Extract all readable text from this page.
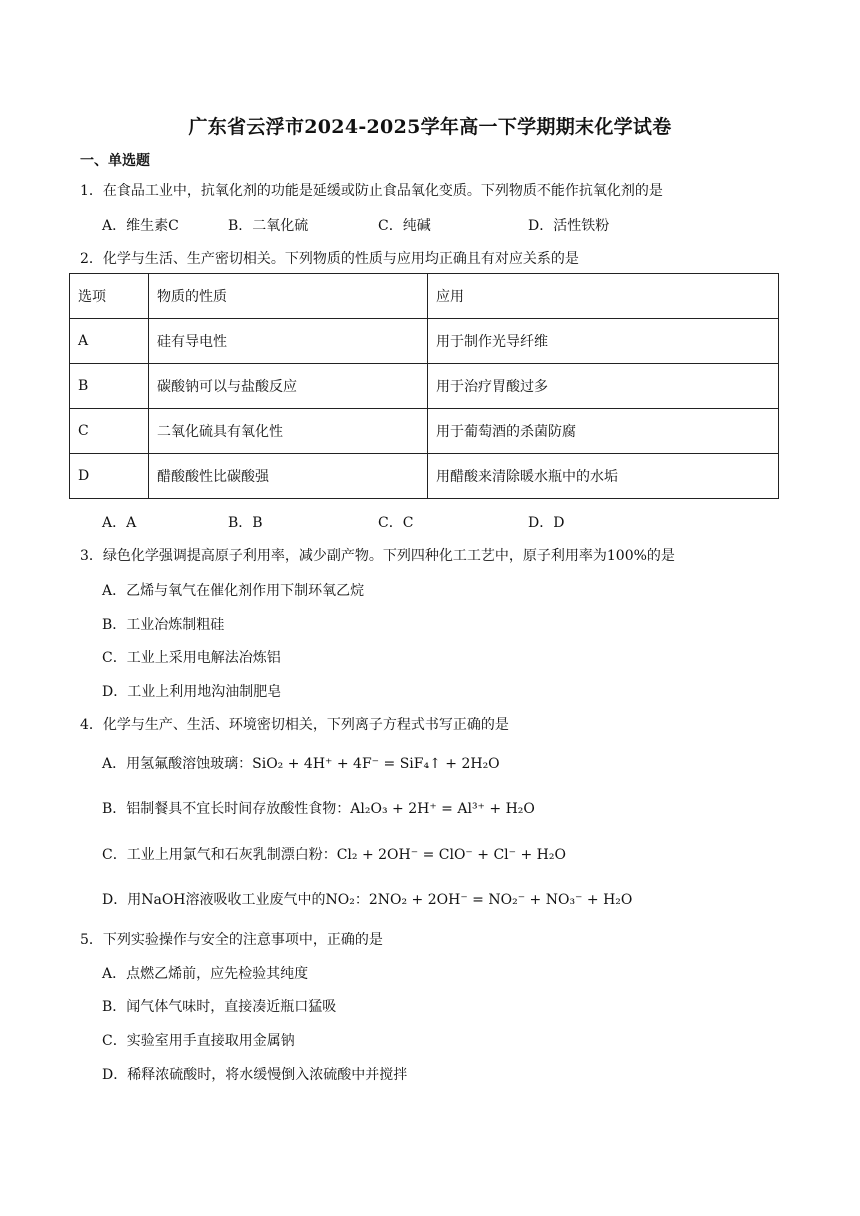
广东省云浮市2024-2025学年高一下学期期末化学试卷
一、单选题
1．在食品工业中，抗氧化剂的功能是延缓或防止食品氧化变质。下列物质不能作抗氧化剂的是
A．维生素C	B．二氧化硫	C．纯碱	D．活性铁粉
2．化学与生活、生产密切相关。下列物质的性质与应用均正确且有对应关系的是
选项	物质的性质	应用
A	硅有导电性	用于制作光导纤维
B	碳酸钠可以与盐酸反应	用于治疗胃酸过多
C	二氧化硫具有氧化性	用于葡萄酒的杀菌防腐
D	醋酸酸性比碳酸强	用醋酸来清除暖水瓶中的水垢
A．A	B．B	C．C	D．D
3．绿色化学强调提高原子利用率，减少副产物。下列四种化工工艺中，原子利用率为100%的是
A．乙烯与氧气在催化剂作用下制环氧乙烷
B．工业冶炼制粗硅
C．工业上采用电解法冶炼铝
D．工业上利用地沟油制肥皂
4．化学与生产、生活、环境密切相关，下列离子方程式书写正确的是
A．用氢氟酸溶蚀玻璃：SiO₂ + 4H⁺ + 4F⁻ = SiF₄↑ + 2H₂O
B．铝制餐具不宜长时间存放酸性食物：Al₂O₃ + 2H⁺ = Al³⁺ + H₂O
C．工业上用氯气和石灰乳制漂白粉：Cl₂ + 2OH⁻ = ClO⁻ + Cl⁻ + H₂O
D．用NaOH溶液吸收工业废气中的NO₂：2NO₂ + 2OH⁻ = NO₂⁻ + NO₃⁻ + H₂O
5．下列实验操作与安全的注意事项中，正确的是
A．点燃乙烯前，应先检验其纯度
B．闻气体气味时，直接凑近瓶口猛吸
C．实验室用手直接取用金属钠
D．稀释浓硫酸时，将水缓慢倒入浓硫酸中并搅拌
